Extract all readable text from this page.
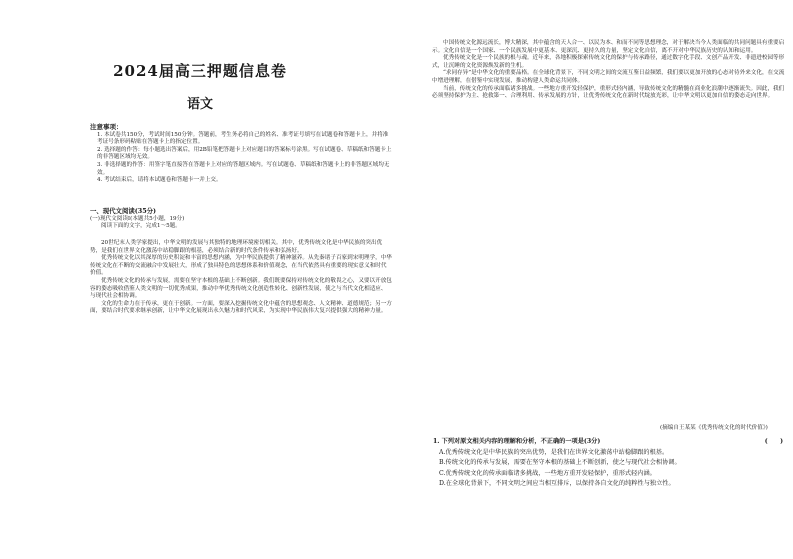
2024届高三押题信息卷
语文

注意事项：

1. 本试卷共150分，考试时间150分钟。答题前，考生务必将自己的姓名、准考证号填写在试题卷和答题卡上，并将准考证号条形码粘贴在答题卡上的指定位置。

2. 选择题的作答：每小题选出答案后，用2B铅笔把答题卡上对应题目的答案标号涂黑。写在试题卷、草稿纸和答题卡上的非答题区域均无效。

3. 非选择题的作答：用签字笔直接答在答题卡上对应的答题区域内。写在试题卷、草稿纸和答题卡上的非答题区域均无效。

4. 考试结束后，请将本试题卷和答题卡一并上交。

一、现代文阅读(35分)

(一)现代文阅读Ⅰ(本题共5小题，19分)

阅读下面的文字，完成1～5题。

20世纪末人类学家提出，中华文明的发展与其独特的地理环境密切相关。其中，优秀传统文化是中华民族的突出优势，是我们在世界文化激荡中站稳脚跟的根基，必须结合新的时代条件传承和弘扬好。

优秀传统文化以其深厚的历史积淀和丰富的思想内涵，为中华民族提供了精神滋养。从先秦诸子百家到宋明理学，中华传统文化在不断的交流融合中发展壮大，形成了独具特色的思想体系和价值观念，在当代依然具有重要的现实意义和时代价值。

优秀传统文化的传承与发展，需要在坚守本根的基础上不断创新。我们既要保持对传统文化的敬畏之心，又要以开放包容的姿态吸收借鉴人类文明的一切优秀成果，推动中华优秀传统文化创造性转化、创新性发展，使之与当代文化相适应、与现代社会相协调。

文化的生命力在于传承，更在于创新。一方面，要深入挖掘传统文化中蕴含的思想观念、人文精神、道德规范；另一方面，要结合时代要求继承创新，让中华文化展现出永久魅力和时代风采，为实现中华民族伟大复兴提供强大的精神力量。

中国传统文化源远流长，博大精深，其中蕴含的天人合一、以民为本、和而不同等思想理念，对于解决当今人类面临的共同问题具有重要启示。文化自信是一个国家、一个民族发展中更基本、更深沉、更持久的力量，坚定文化自信，离不开对中华民族历史的认知和运用。

优秀传统文化是一个民族的根与魂。近年来，各地积极探索传统文化的保护与传承路径，通过数字化手段、文创产品开发、非遗进校园等形式，让沉睡的文化资源焕发新的生机。

“求同存异”是中华文化的重要品格。在全球化背景下，不同文明之间的交流互鉴日益频繁，我们要以更加开放的心态对待外来文化，在交流中增进理解，在借鉴中实现发展，推动构建人类命运共同体。

当前，传统文化的传承面临诸多挑战。一些地方重开发轻保护，重形式轻内涵，导致传统文化的精髓在商业化浪潮中逐渐流失。因此，我们必须坚持保护为主、抢救第一、合理利用、传承发展的方针，让优秀传统文化在新时代绽放光彩，让中华文明以更加自信的姿态走向世界。

(摘编自王某某《优秀传统文化的时代价值》)

1. 下列对原文相关内容的理解和分析，不正确的一项是(3分)	(　　)

A.优秀传统文化是中华民族的突出优势，是我们在世界文化激荡中站稳脚跟的根基。

B.传统文化的传承与发展，需要在坚守本根的基础上不断创新，使之与现代社会相协调。

C.优秀传统文化的传承面临诸多挑战，一些地方重开发轻保护，重形式轻内涵。

D.在全球化背景下，不同文明之间应当相互排斥，以保持各自文化的纯粹性与独立性。
